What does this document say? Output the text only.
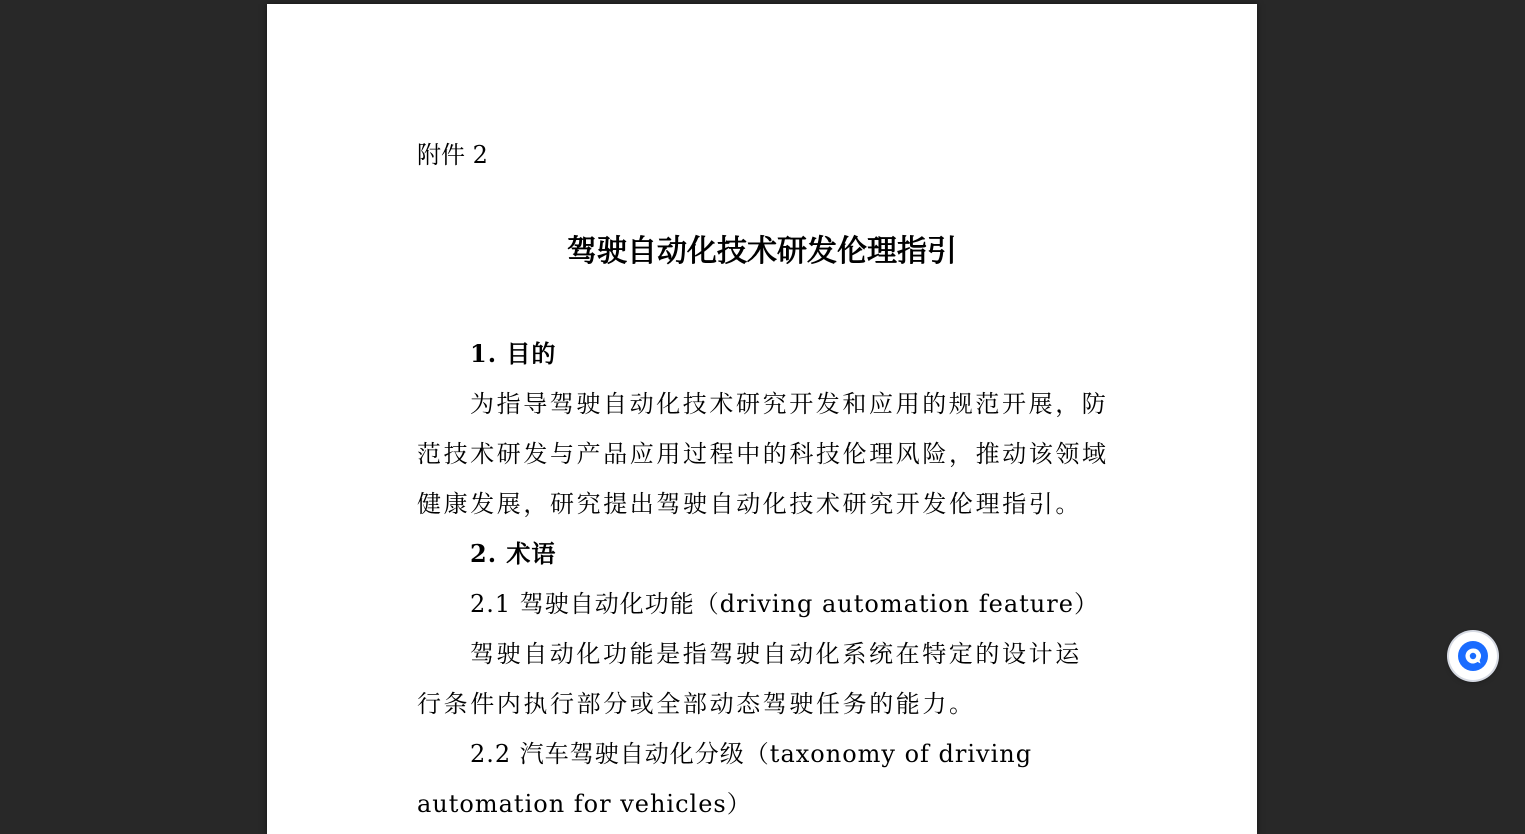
附件 2
驾驶自动化技术研发伦理指引
1. 目的
为指导驾驶自动化技术研究开发和应用的规范开展，防
范技术研发与产品应用过程中的科技伦理风险，推动该领域
健康发展，研究提出驾驶自动化技术研究开发伦理指引。
2. 术语
2.1 驾驶自动化功能（driving automation feature）
驾驶自动化功能是指驾驶自动化系统在特定的设计运
行条件内执行部分或全部动态驾驶任务的能力。
2.2 汽车驾驶自动化分级（taxonomy of driving
automation for vehicles）
